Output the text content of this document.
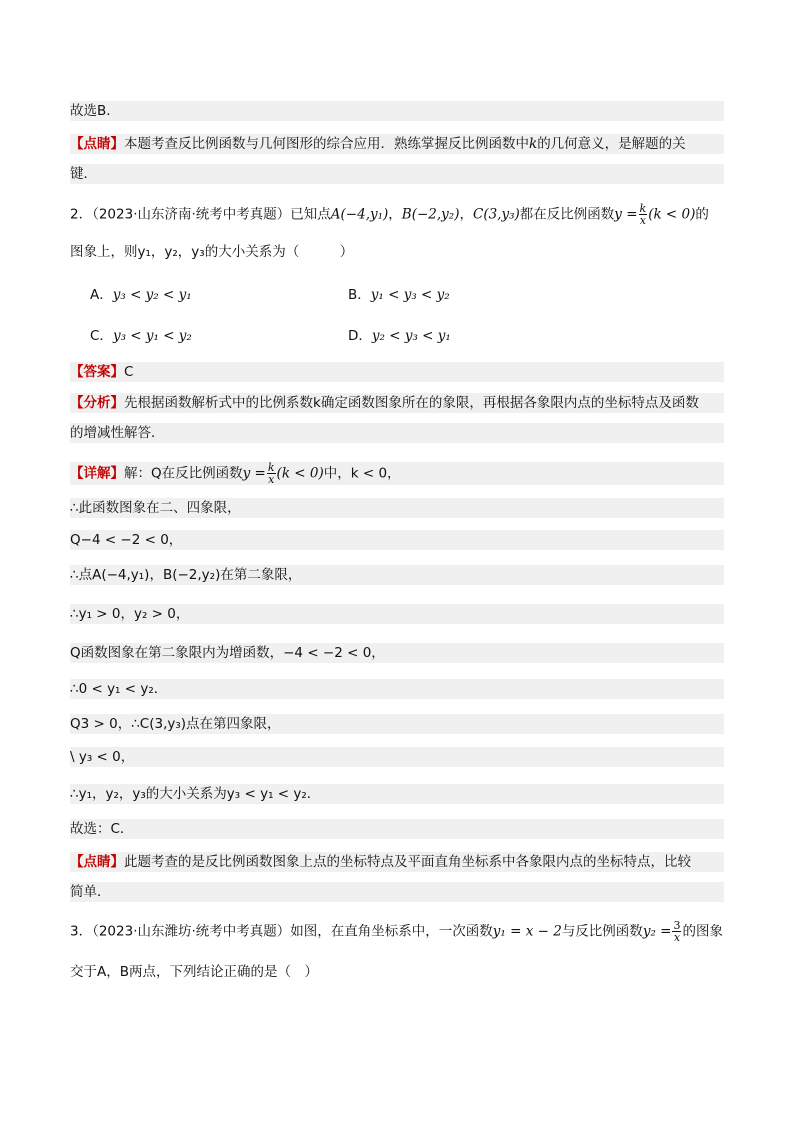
故选B．
【点睛】本题考查反比例函数与几何图形的综合应用．熟练掌握反比例函数中k的几何意义，是解题的关
键．
2．（2023·山东济南·统考中考真题）已知点A(−4,y₁)，B(−2,y₂)，C(3,y₃)都在反比例函数$y = \frac{k}{x} (k < 0)$的
图象上，则y₁，y₂，y₃的大小关系为（　　　）
A．y₃ < y₂ < y₁	B．y₁ < y₃ < y₂
C．y₃ < y₁ < y₂	D．y₂ < y₃ < y₁
【答案】C
【分析】先根据函数解析式中的比例系数k确定函数图象所在的象限，再根据各象限内点的坐标特点及函数
的增减性解答．
【详解】解：Q在反比例函数$y = \frac{k}{x} (k < 0)$中，k < 0，
∴此函数图象在二、四象限，
Q−4 < −2 < 0，
∴点A(−4,y₁)，B(−2,y₂)在第二象限，
∴y₁ > 0，y₂ > 0，
Q函数图象在第二象限内为增函数，−4 < −2 < 0，
∴0 < y₁ < y₂．
Q3 > 0，∴C(3,y₃)点在第四象限，
\ y₃ < 0，
∴y₁，y₂，y₃的大小关系为y₃ < y₁ < y₂．
故选：C．
【点睛】此题考查的是反比例函数图象上点的坐标特点及平面直角坐标系中各象限内点的坐标特点，比较
简单．
3．（2023·山东潍坊·统考中考真题）如图，在直角坐标系中，一次函数y₁ = x − 2与反比例函数$y_2 = \frac{3}{x}$ 的图象
交于A，B两点，下列结论正确的是（　）
